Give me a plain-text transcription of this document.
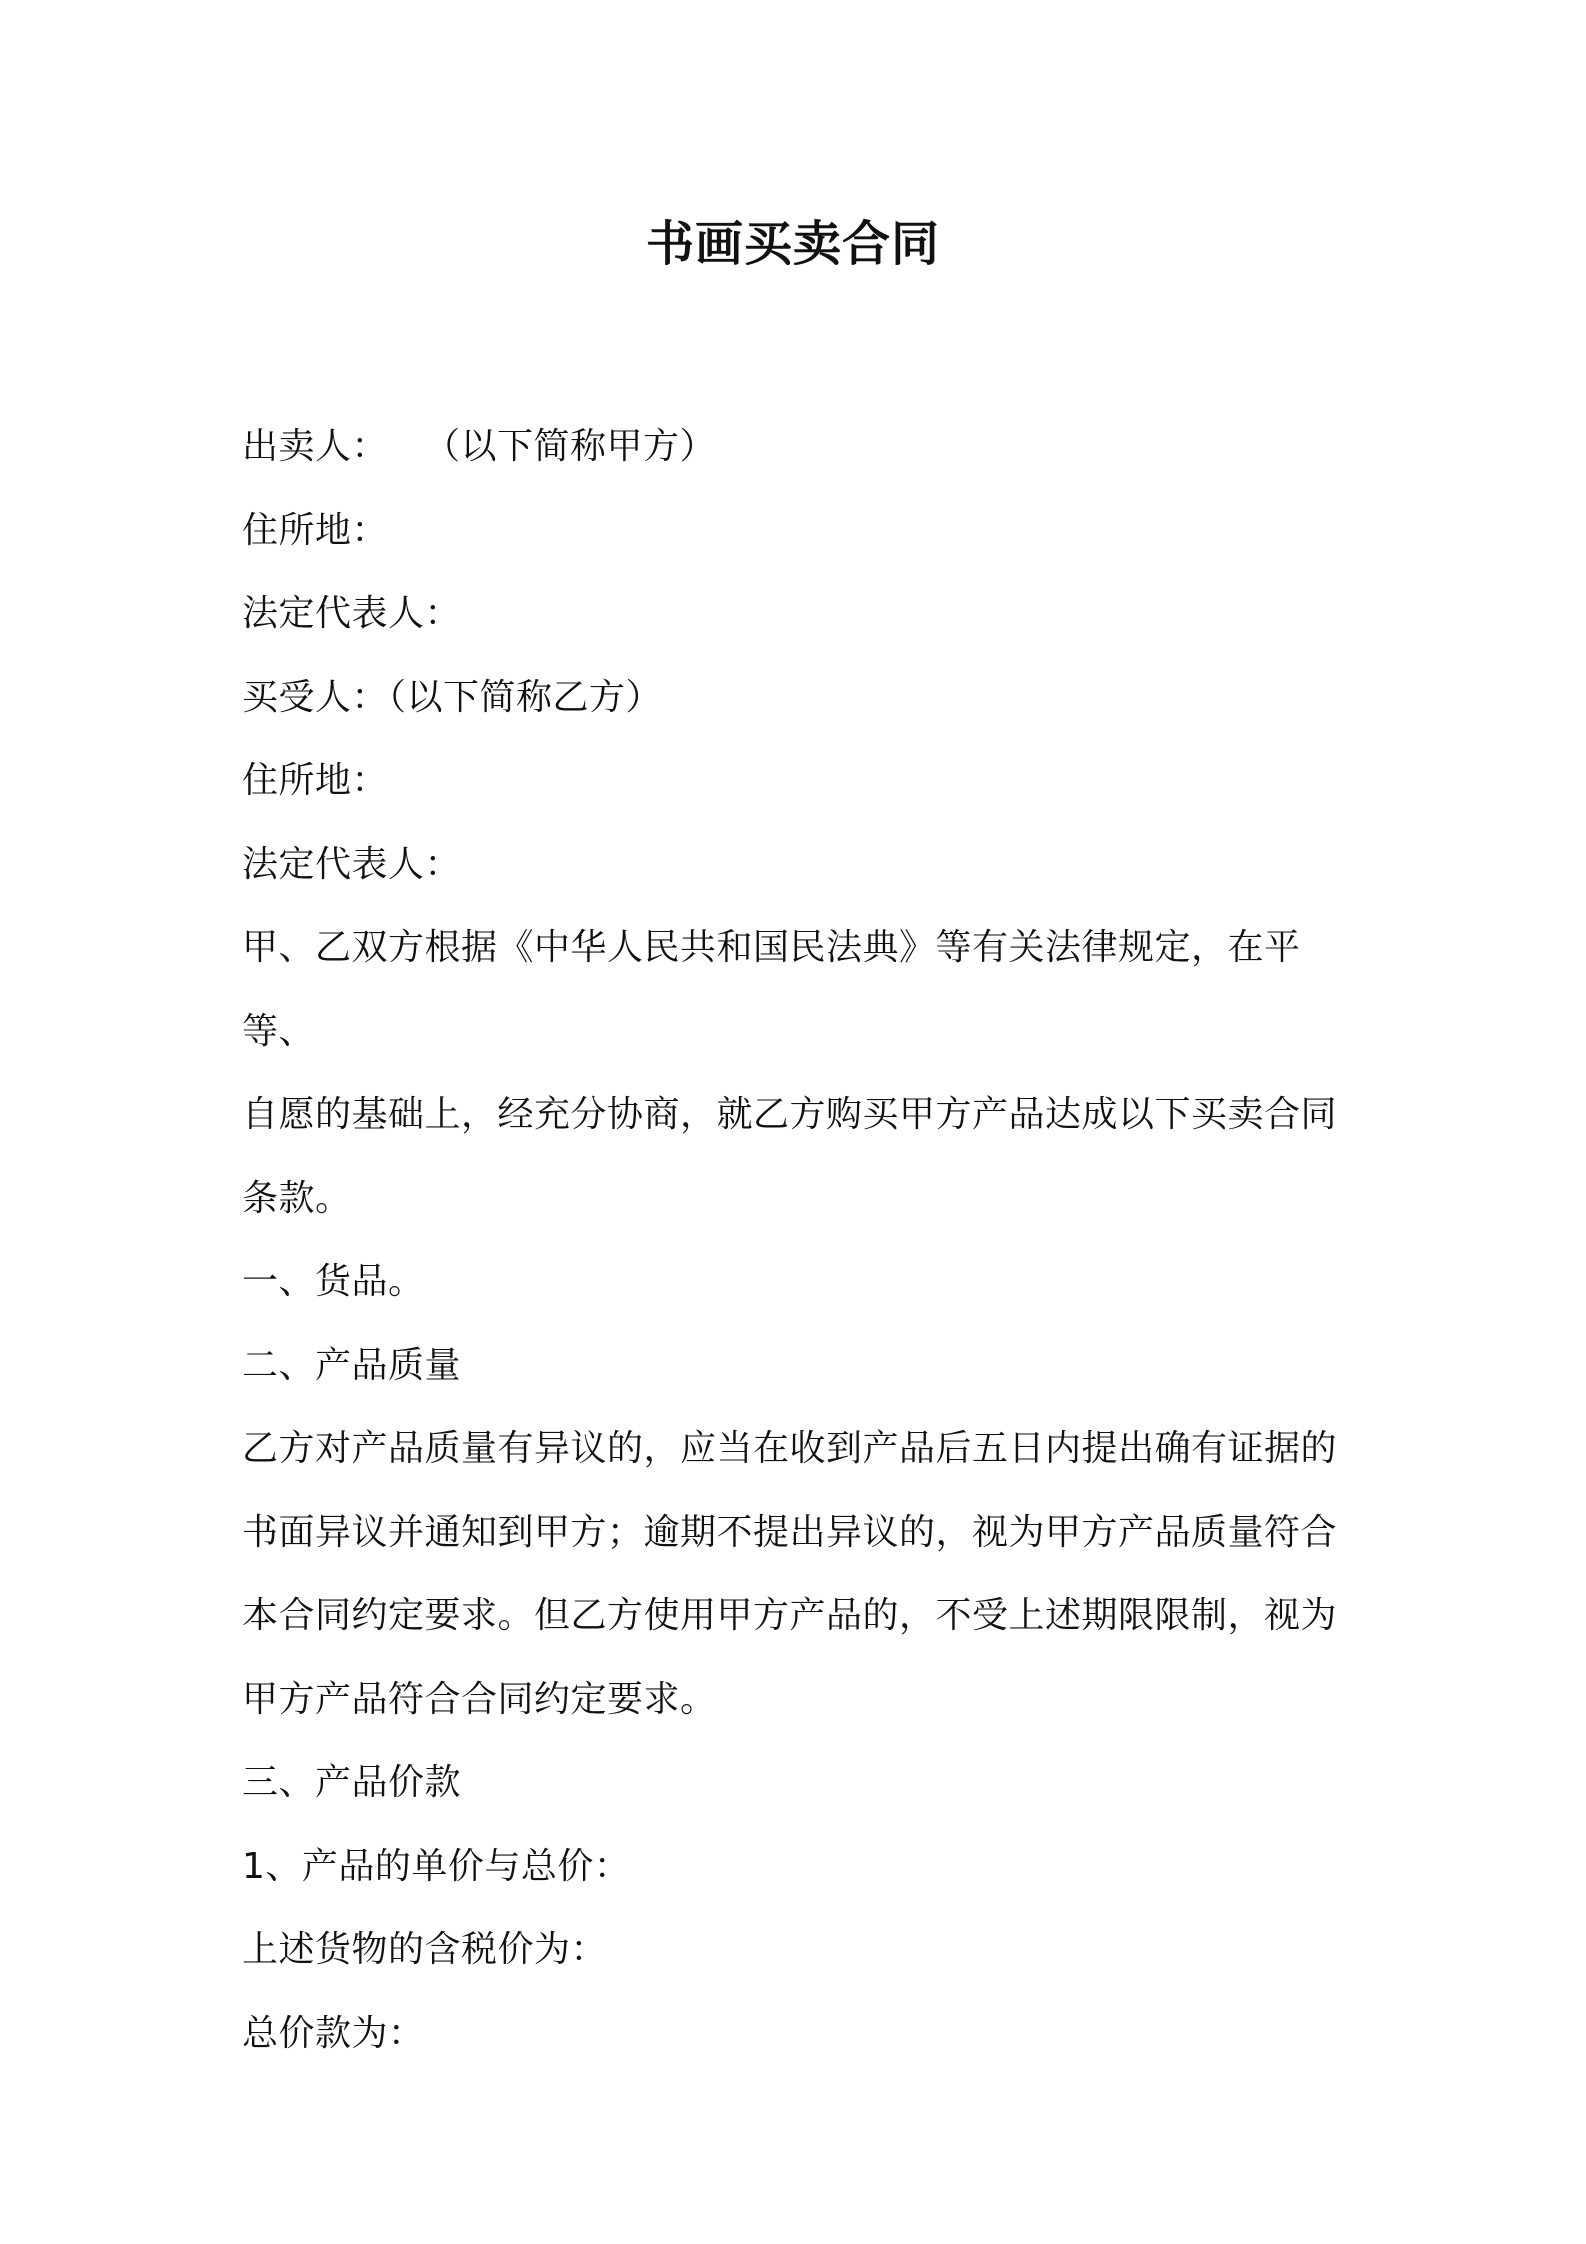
书画买卖合同

出卖人： （以下简称甲方）

住所地：

法定代表人：

买受人：（以下简称乙方）

住所地：

法定代表人：

甲、乙双方根据《中华人民共和国民法典》等有关法律规定，在平等、

自愿的基础上，经充分协商，就乙方购买甲方产品达成以下买卖合同

条款。

一、货品。

二、产品质量

乙方对产品质量有异议的，应当在收到产品后五日内提出确有证据的

书面异议并通知到甲方；逾期不提出异议的，视为甲方产品质量符合

本合同约定要求。但乙方使用甲方产品的，不受上述期限限制，视为

甲方产品符合合同约定要求。

三、产品价款

1、产品的单价与总价：

上述货物的含税价为：

总价款为：
